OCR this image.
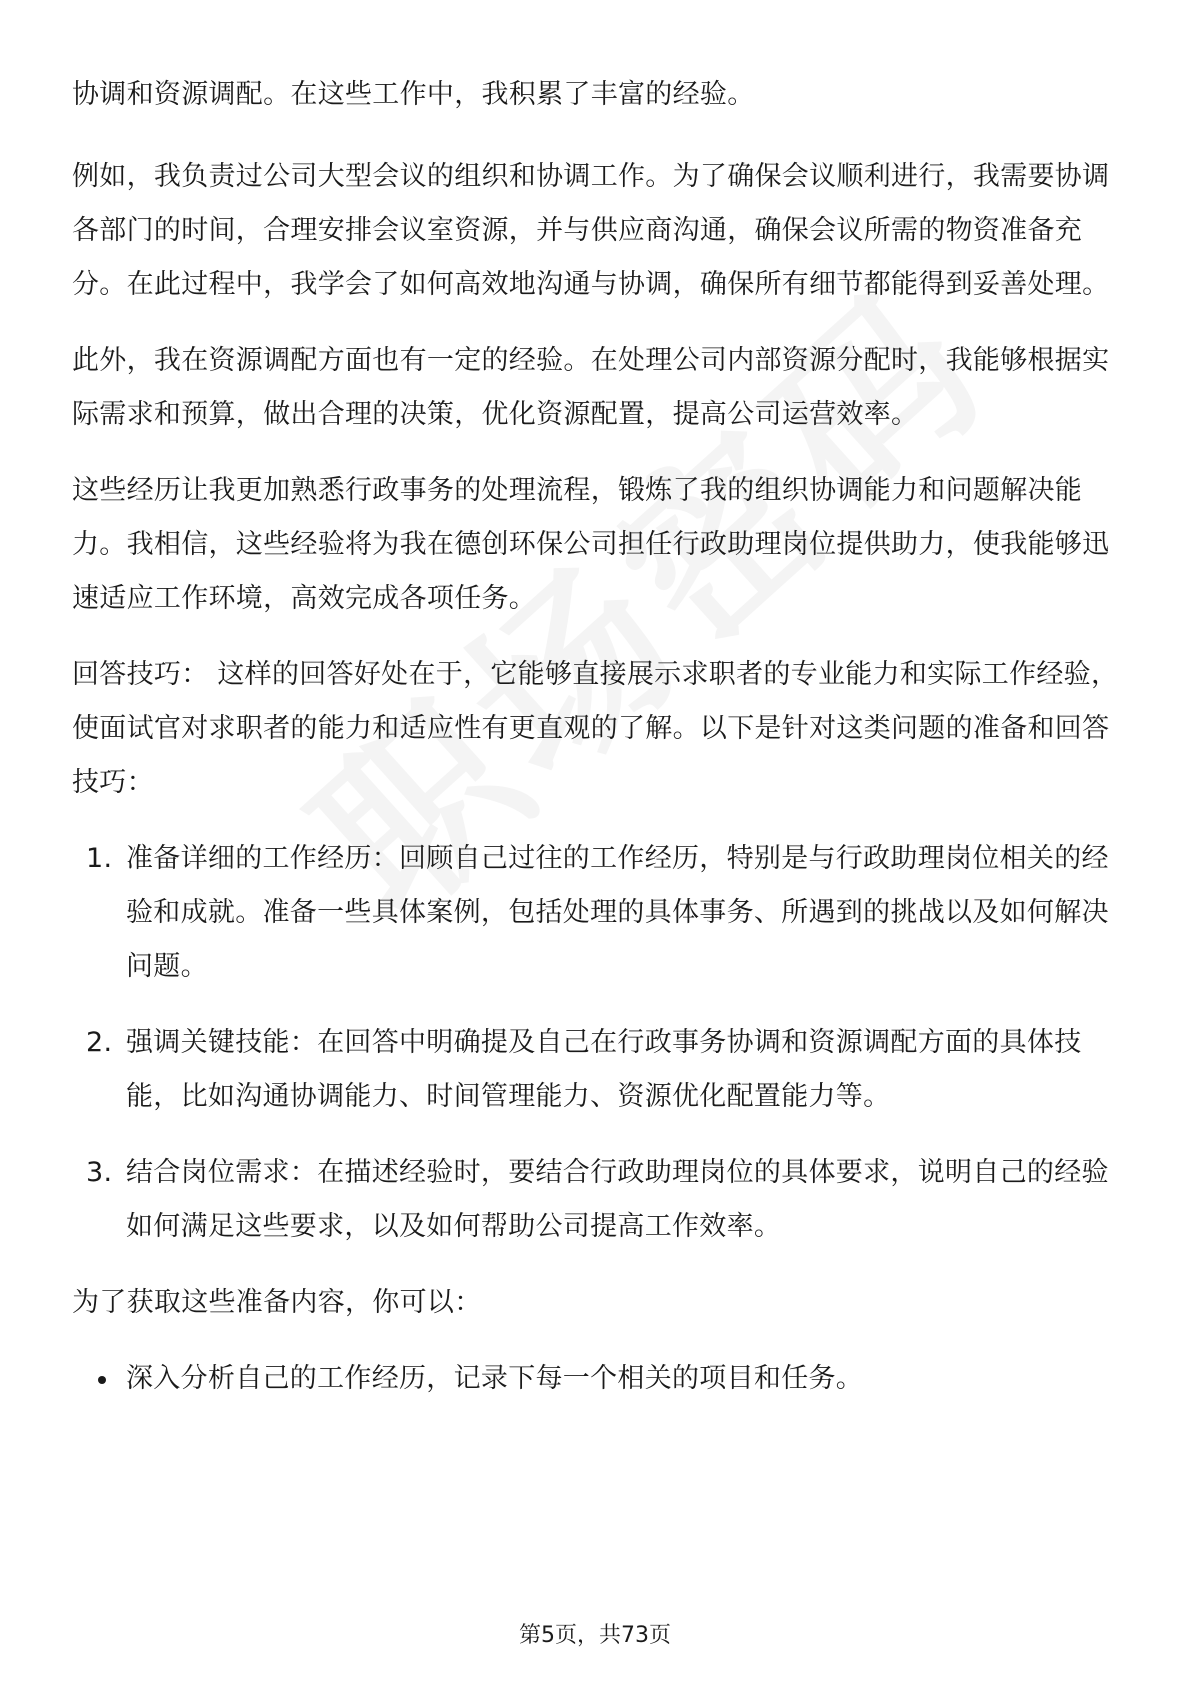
协调和资源调配。在这些工作中，我积累了丰富的经验。

例如，我负责过公司大型会议的组织和协调工作。为了确保会议顺利进行，我需要协调各部门的时间，合理安排会议室资源，并与供应商沟通，确保会议所需的物资准备充分。在此过程中，我学会了如何高效地沟通与协调，确保所有细节都能得到妥善处理。

此外，我在资源调配方面也有一定的经验。在处理公司内部资源分配时，我能够根据实际需求和预算，做出合理的决策，优化资源配置，提高公司运营效率。

这些经历让我更加熟悉行政事务的处理流程，锻炼了我的组织协调能力和问题解决能力。我相信，这些经验将为我在德创环保公司担任行政助理岗位提供助力，使我能够迅速适应工作环境，高效完成各项任务。

回答技巧： 这样的回答好处在于，它能够直接展示求职者的专业能力和实际工作经验，使面试官对求职者的能力和适应性有更直观的了解。以下是针对这类问题的准备和回答技巧：

1. 准备详细的工作经历：回顾自己过往的工作经历，特别是与行政助理岗位相关的经验和成就。准备一些具体案例，包括处理的具体事务、所遇到的挑战以及如何解决问题。
2. 强调关键技能：在回答中明确提及自己在行政事务协调和资源调配方面的具体技能，比如沟通协调能力、时间管理能力、资源优化配置能力等。
3. 结合岗位需求：在描述经验时，要结合行政助理岗位的具体要求，说明自己的经验如何满足这些要求，以及如何帮助公司提高工作效率。

为了获取这些准备内容，你可以：

深入分析自己的工作经历，记录下每一个相关的项目和任务。
第5页，共73页
